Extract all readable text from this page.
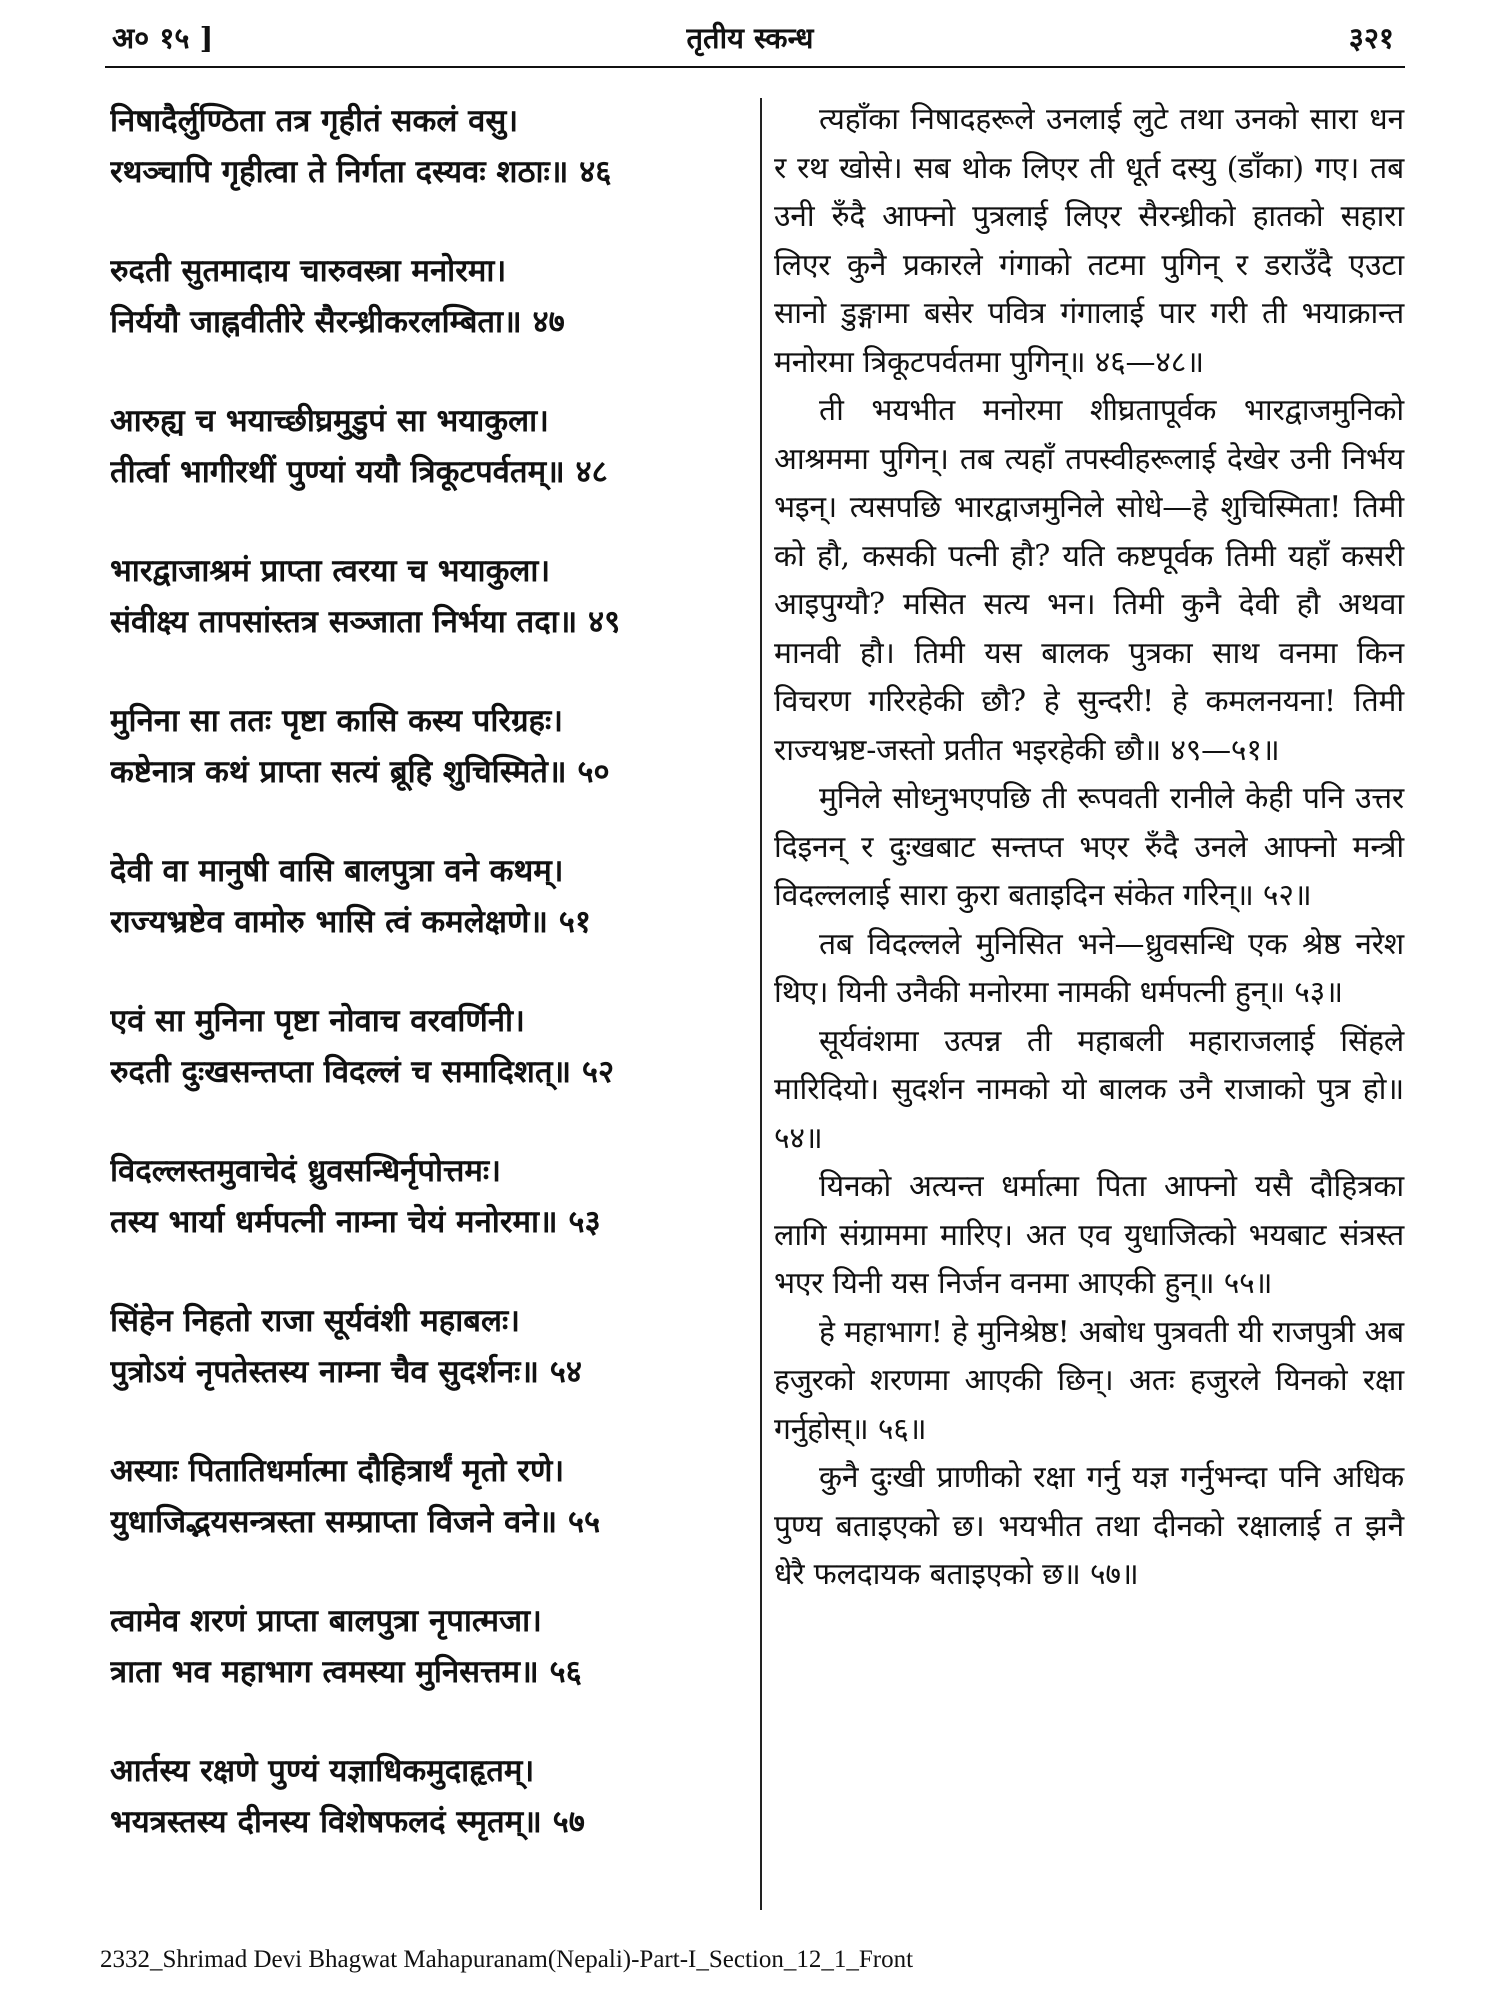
तृतीय स्कन्ध
अ० १५ ]	३२१
निषादैर्लुण्ठिता तत्र गृहीतं सकलं वसु।
रथञ्चापि गृहीत्वा ते निर्गता दस्यवः शठाः॥ ४६
रुदती सुतमादाय चारुवस्त्रा मनोरमा।
निर्ययौ जाह्नवीतीरे सैरन्ध्रीकरलम्बिता॥ ४७
आरुह्य च भयाच्छीघ्रमुडुपं सा भयाकुला।
तीर्त्वा भागीरथीं पुण्यां ययौ त्रिकूटपर्वतम्॥ ४८
भारद्वाजाश्रमं प्राप्ता त्वरया च भयाकुला।
संवीक्ष्य तापसांस्तत्र सञ्जाता निर्भया तदा॥ ४९
मुनिना सा ततः पृष्टा कासि कस्य परिग्रहः।
कष्टेनात्र कथं प्राप्ता सत्यं ब्रूहि शुचिस्मिते॥ ५०
देवी वा मानुषी वासि बालपुत्रा वने कथम्।
राज्यभ्रष्टेव वामोरु भासि त्वं कमलेक्षणे॥ ५१
एवं सा मुनिना पृष्टा नोवाच वरवर्णिनी।
रुदती दुःखसन्तप्ता विदल्लं च समादिशत्॥ ५२
विदल्लस्तमुवाचेदं ध्रुवसन्धिर्नृपोत्तमः।
तस्य भार्या धर्मपत्नी नाम्ना चेयं मनोरमा॥ ५३
सिंहेन निहतो राजा सूर्यवंशी महाबलः।
पुत्रोऽयं नृपतेस्तस्य नाम्ना चैव सुदर्शनः॥ ५४
अस्याः पितातिधर्मात्मा दौहित्रार्थं मृतो रणे।
युधाजिद्भयसन्त्रस्ता सम्प्राप्ता विजने वने॥ ५५
त्वामेव शरणं प्राप्ता बालपुत्रा नृपात्मजा।
त्राता भव महाभाग त्वमस्या मुनिसत्तम॥ ५६
आर्तस्य रक्षणे पुण्यं यज्ञाधिकमुदाहृतम्।
भयत्रस्तस्य दीनस्य विशेषफलदं स्मृतम्॥ ५७

त्यहाँका निषादहरूले उनलाई लुटे तथा उनको सारा धन र रथ खोसे। सब थोक लिएर ती धूर्त दस्यु (डाँका) गए। तब उनी रुँदै आफ्नो पुत्रलाई लिएर सैरन्ध्रीको हातको सहारा लिएर कुनै प्रकारले गंगाको तटमा पुगिन् र डराउँदै एउटा सानो डुङ्गामा बसेर पवित्र गंगालाई पार गरी ती भयाक्रान्त मनोरमा त्रिकूटपर्वतमा पुगिन्॥ ४६—४८॥

ती भयभीत मनोरमा शीघ्रतापूर्वक भारद्वाजमुनिको आश्रममा पुगिन्। तब त्यहाँ तपस्वीहरूलाई देखेर उनी निर्भय भइन्। त्यसपछि भारद्वाजमुनिले सोधे—हे शुचिस्मिता! तिमी को हौ, कसकी पत्नी हौ? यति कष्टपूर्वक तिमी यहाँ कसरी आइपुग्यौ? मसित सत्य भन। तिमी कुनै देवी हौ अथवा मानवी हौ। तिमी यस बालक पुत्रका साथ वनमा किन विचरण गरिरहेकी छौ? हे सुन्दरी! हे कमलनयना! तिमी राज्यभ्रष्ट-जस्तो प्रतीत भइरहेकी छौ॥ ४९—५१॥

मुनिले सोध्नुभएपछि ती रूपवती रानीले केही पनि उत्तर दिइनन् र दुःखबाट सन्तप्त भएर रुँदै उनले आफ्नो मन्त्री विदल्ललाई सारा कुरा बताइदिन संकेत गरिन्॥ ५२॥

तब विदल्लले मुनिसित भने—ध्रुवसन्धि एक श्रेष्ठ नरेश थिए। यिनी उनैकी मनोरमा नामकी धर्मपत्नी हुन्॥ ५३॥

सूर्यवंशमा उत्पन्न ती महाबली महाराजलाई सिंहले मारिदियो। सुदर्शन नामको यो बालक उनै राजाको पुत्र हो॥ ५४॥

यिनको अत्यन्त धर्मात्मा पिता आफ्नो यसै दौहित्रका लागि संग्राममा मारिए। अत एव युधाजित्को भयबाट संत्रस्त भएर यिनी यस निर्जन वनमा आएकी हुन्॥ ५५॥

हे महाभाग! हे मुनिश्रेष्ठ! अबोध पुत्रवती यी राजपुत्री अब हजुरको शरणमा आएकी छिन्। अतः हजुरले यिनको रक्षा गर्नुहोस्॥ ५६॥

कुनै दुःखी प्राणीको रक्षा गर्नु यज्ञ गर्नुभन्दा पनि अधिक पुण्य बताइएको छ। भयभीत तथा दीनको रक्षालाई त झनै धेरै फलदायक बताइएको छ॥ ५७॥

2332_Shrimad Devi Bhagwat Mahapuranam(Nepali)-Part-I_Section_12_1_Front
